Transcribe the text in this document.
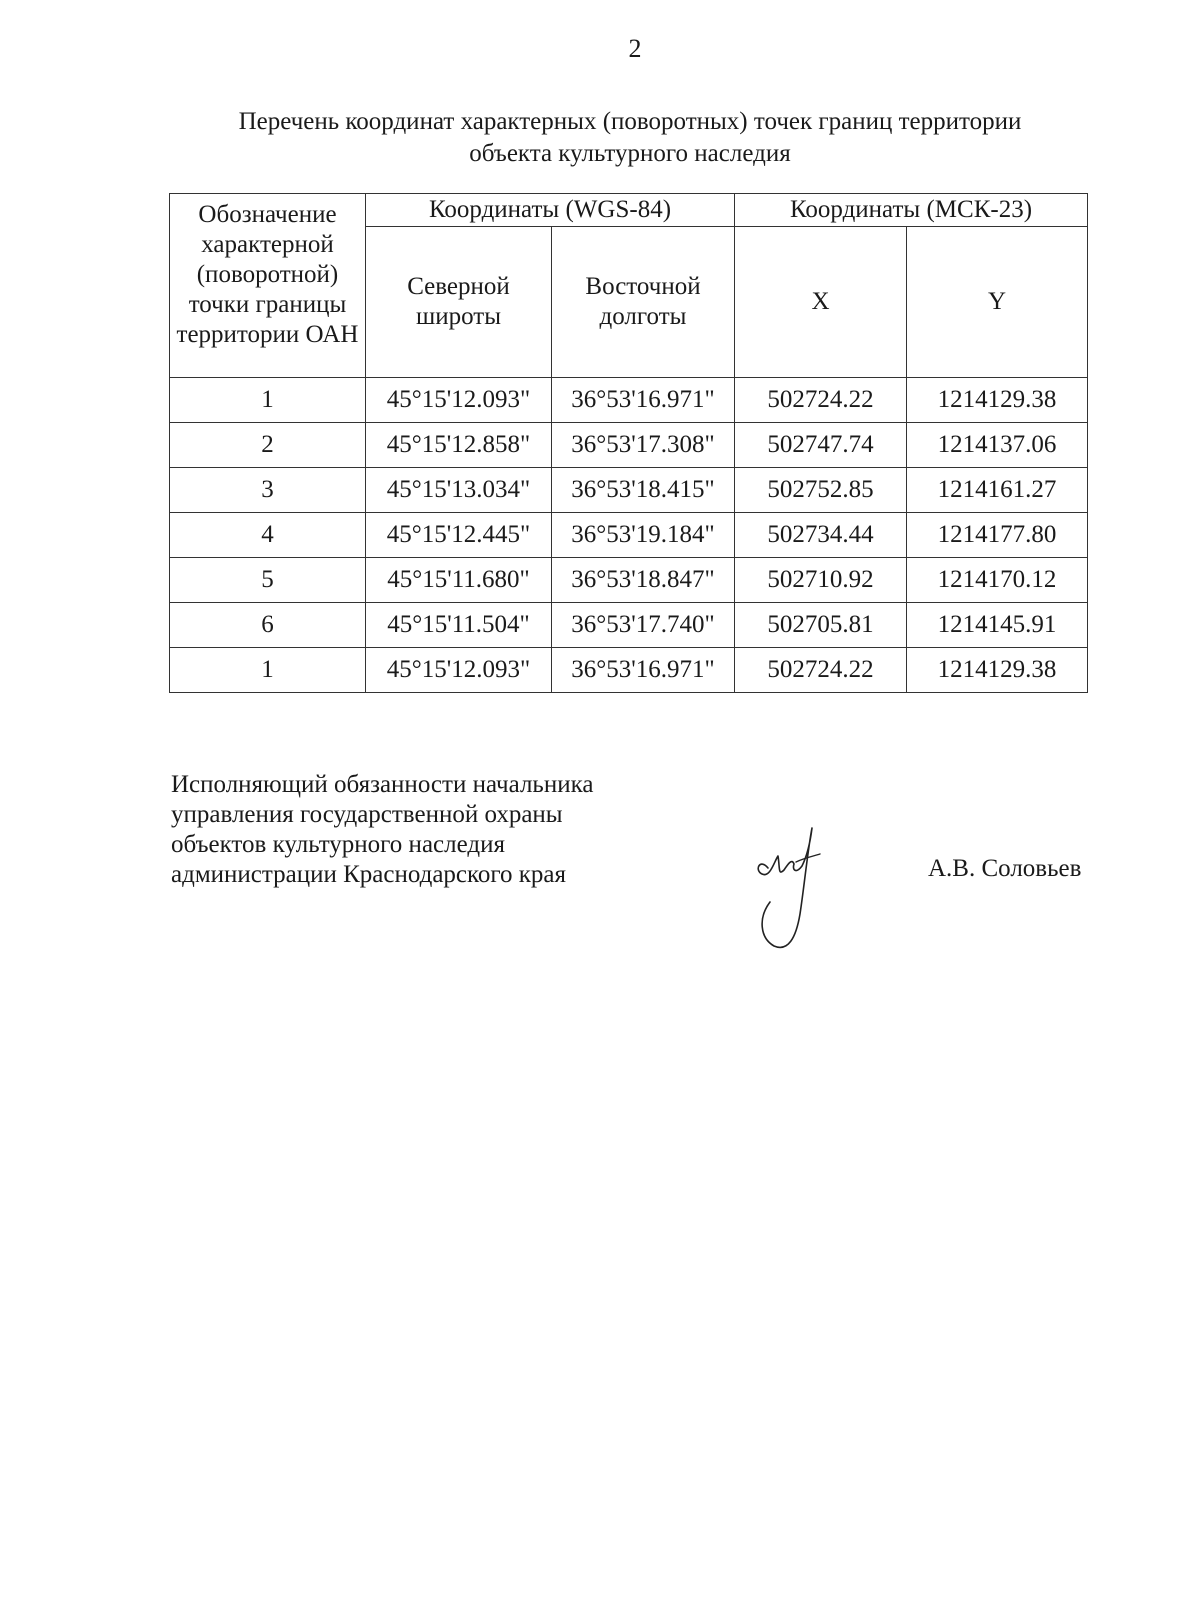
2
Перечень координат характерных (поворотных) точек границ территории
объекта культурного наследия
Обозначение характерной (поворотной) точки границы территории ОАН	Координаты (WGS-84)		Координаты (МСК-23)	
	Северной широты	Восточной долготы	X	Y
1	45°15'12.093"	36°53'16.971"	502724.22	1214129.38
2	45°15'12.858"	36°53'17.308"	502747.74	1214137.06
3	45°15'13.034"	36°53'18.415"	502752.85	1214161.27
4	45°15'12.445"	36°53'19.184"	502734.44	1214177.80
5	45°15'11.680"	36°53'18.847"	502710.92	1214170.12
6	45°15'11.504"	36°53'17.740"	502705.81	1214145.91
1	45°15'12.093"	36°53'16.971"	502724.22	1214129.38
Исполняющий обязанности начальника
управления государственной охраны
объектов культурного наследия
администрации Краснодарского края	А.В. Соловьев
